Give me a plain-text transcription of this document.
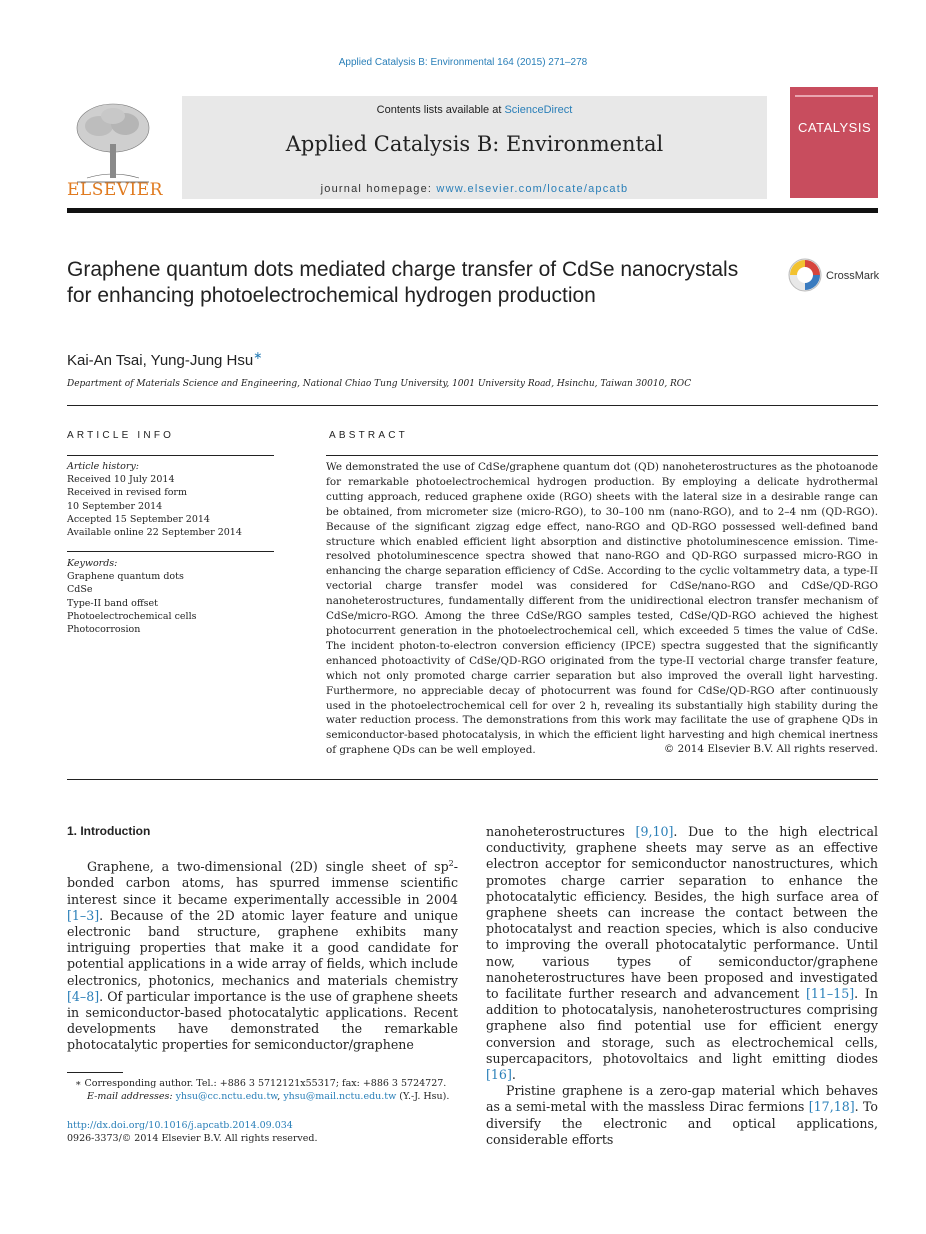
Applied Catalysis B: Environmental 164 (2015) 271–278
ELSEVIER
Contents lists available at ScienceDirect
Applied Catalysis B: Environmental
journal homepage: www.elsevier.com/locate/apcatb
CATALYSIS
Graphene quantum dots mediated charge transfer of CdSe nanocrystals for enhancing photoelectrochemical hydrogen production
CrossMark
Kai-An Tsai, Yung-Jung Hsu∗
Department of Materials Science and Engineering, National Chiao Tung University, 1001 University Road, Hsinchu, Taiwan 30010, ROC
ARTICLE INFO
Article history:
Received 10 July 2014
Received in revised form
10 September 2014
Accepted 15 September 2014
Available online 22 September 2014
Keywords:
Graphene quantum dots
CdSe
Type-II band offset
Photoelectrochemical cells
Photocorrosion
ABSTRACT
We demonstrated the use of CdSe/graphene quantum dot (QD) nanoheterostructures as the photoanode for remarkable photoelectrochemical hydrogen production. By employing a delicate hydrothermal cutting approach, reduced graphene oxide (RGO) sheets with the lateral size in a desirable range can be obtained, from micrometer size (micro-RGO), to 30–100 nm (nano-RGO), and to 2–4 nm (QD-RGO). Because of the significant zigzag edge effect, nano-RGO and QD-RGO possessed well-defined band structure which enabled efficient light absorption and distinctive photoluminescence emission. Time-resolved photoluminescence spectra showed that nano-RGO and QD-RGO surpassed micro-RGO in enhancing the charge separation efficiency of CdSe. According to the cyclic voltammetry data, a type-II vectorial charge transfer model was considered for CdSe/nano-RGO and CdSe/QD-RGO nanoheterostructures, fundamentally different from the unidirectional electron transfer mechanism of CdSe/micro-RGO. Among the three CdSe/RGO samples tested, CdSe/QD-RGO achieved the highest photocurrent generation in the photoelectrochemical cell, which exceeded 5 times the value of CdSe. The incident photon-to-electron conversion efficiency (IPCE) spectra suggested that the significantly enhanced photoactivity of CdSe/QD-RGO originated from the type-II vectorial charge transfer feature, which not only promoted charge carrier separation but also improved the overall light harvesting. Furthermore, no appreciable decay of photocurrent was found for CdSe/QD-RGO after continuously used in the photoelectrochemical cell for over 2 h, revealing its substantially high stability during the water reduction process. The demonstrations from this work may facilitate the use of graphene QDs in semiconductor-based photocatalysis, in which the efficient light harvesting and high chemical inertness of graphene QDs can be well employed.	© 2014 Elsevier B.V. All rights reserved.
1. Introduction

Graphene, a two-dimensional (2D) single sheet of $sp^2$-bonded carbon atoms, has spurred immense scientific interest since it became experimentally accessible in 2004 [1–3]. Because of the 2D atomic layer feature and unique electronic band structure, graphene exhibits many intriguing properties that make it a good candidate for potential applications in a wide array of fields, which include electronics, photonics, mechanics and materials chemistry [4–8]. Of particular importance is the use of graphene sheets in semiconductor-based photocatalytic applications. Recent developments have demonstrated the remarkable photocatalytic properties for semiconductor/graphene

nanoheterostructures [9,10]. Due to the high electrical conductivity, graphene sheets may serve as an effective electron acceptor for semiconductor nanostructures, which promotes charge carrier separation to enhance the photocatalytic efficiency. Besides, the high surface area of graphene sheets can increase the contact between the photocatalyst and reaction species, which is also conducive to improving the overall photocatalytic performance. Until now, various types of semiconductor/graphene nanoheterostructures have been proposed and investigated to facilitate further research and advancement [11–15]. In addition to photocatalysis, nanoheterostructures comprising graphene also find potential use for efficient energy conversion and storage, such as electrochemical cells, supercapacitors, photovoltaics and light emitting diodes [16].

Pristine graphene is a zero-gap material which behaves as a semi-metal with the massless Dirac fermions [17,18]. To diversify the electronic and optical applications, considerable efforts

∗ Corresponding author. Tel.: +886 3 5712121x55317; fax: +886 3 5724727.
E-mail addresses: yhsu@cc.nctu.edu.tw, yhsu@mail.nctu.edu.tw (Y.-J. Hsu).
http://dx.doi.org/10.1016/j.apcatb.2014.09.034
0926-3373/© 2014 Elsevier B.V. All rights reserved.
